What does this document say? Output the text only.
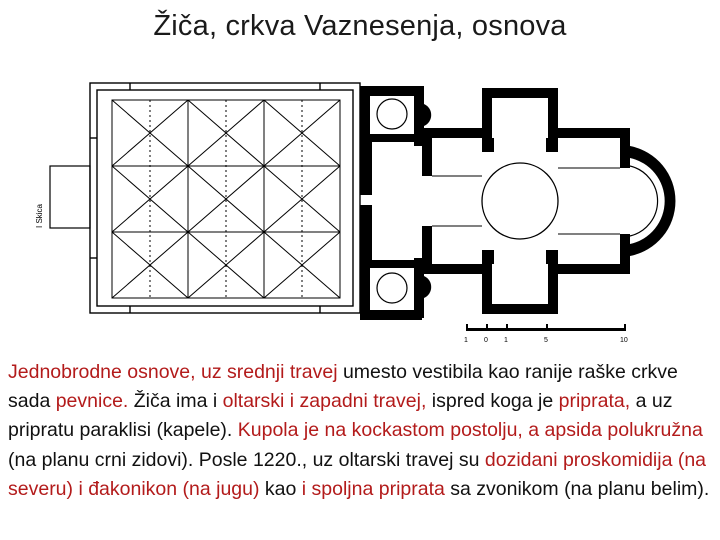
Žiča, crkva Vaznesenja, osnova
I Skica
1 0 1	5	10
Jednobrodne osnove, uz srednji travej umesto vestibila kao ranije raške crkve sada pevnice. Žiča ima i oltarski i zapadni travej, ispred koga je priprata, a uz pripratu paraklisi (kapele). Kupola je na kockastom postolju, a apsida polukružna (na planu crni zidovi). Posle 1220., uz oltarski travej su dozidani proskomidija (na severu) i đakonikon (na jugu) kao i spoljna priprata sa zvonikom (na planu belim).
